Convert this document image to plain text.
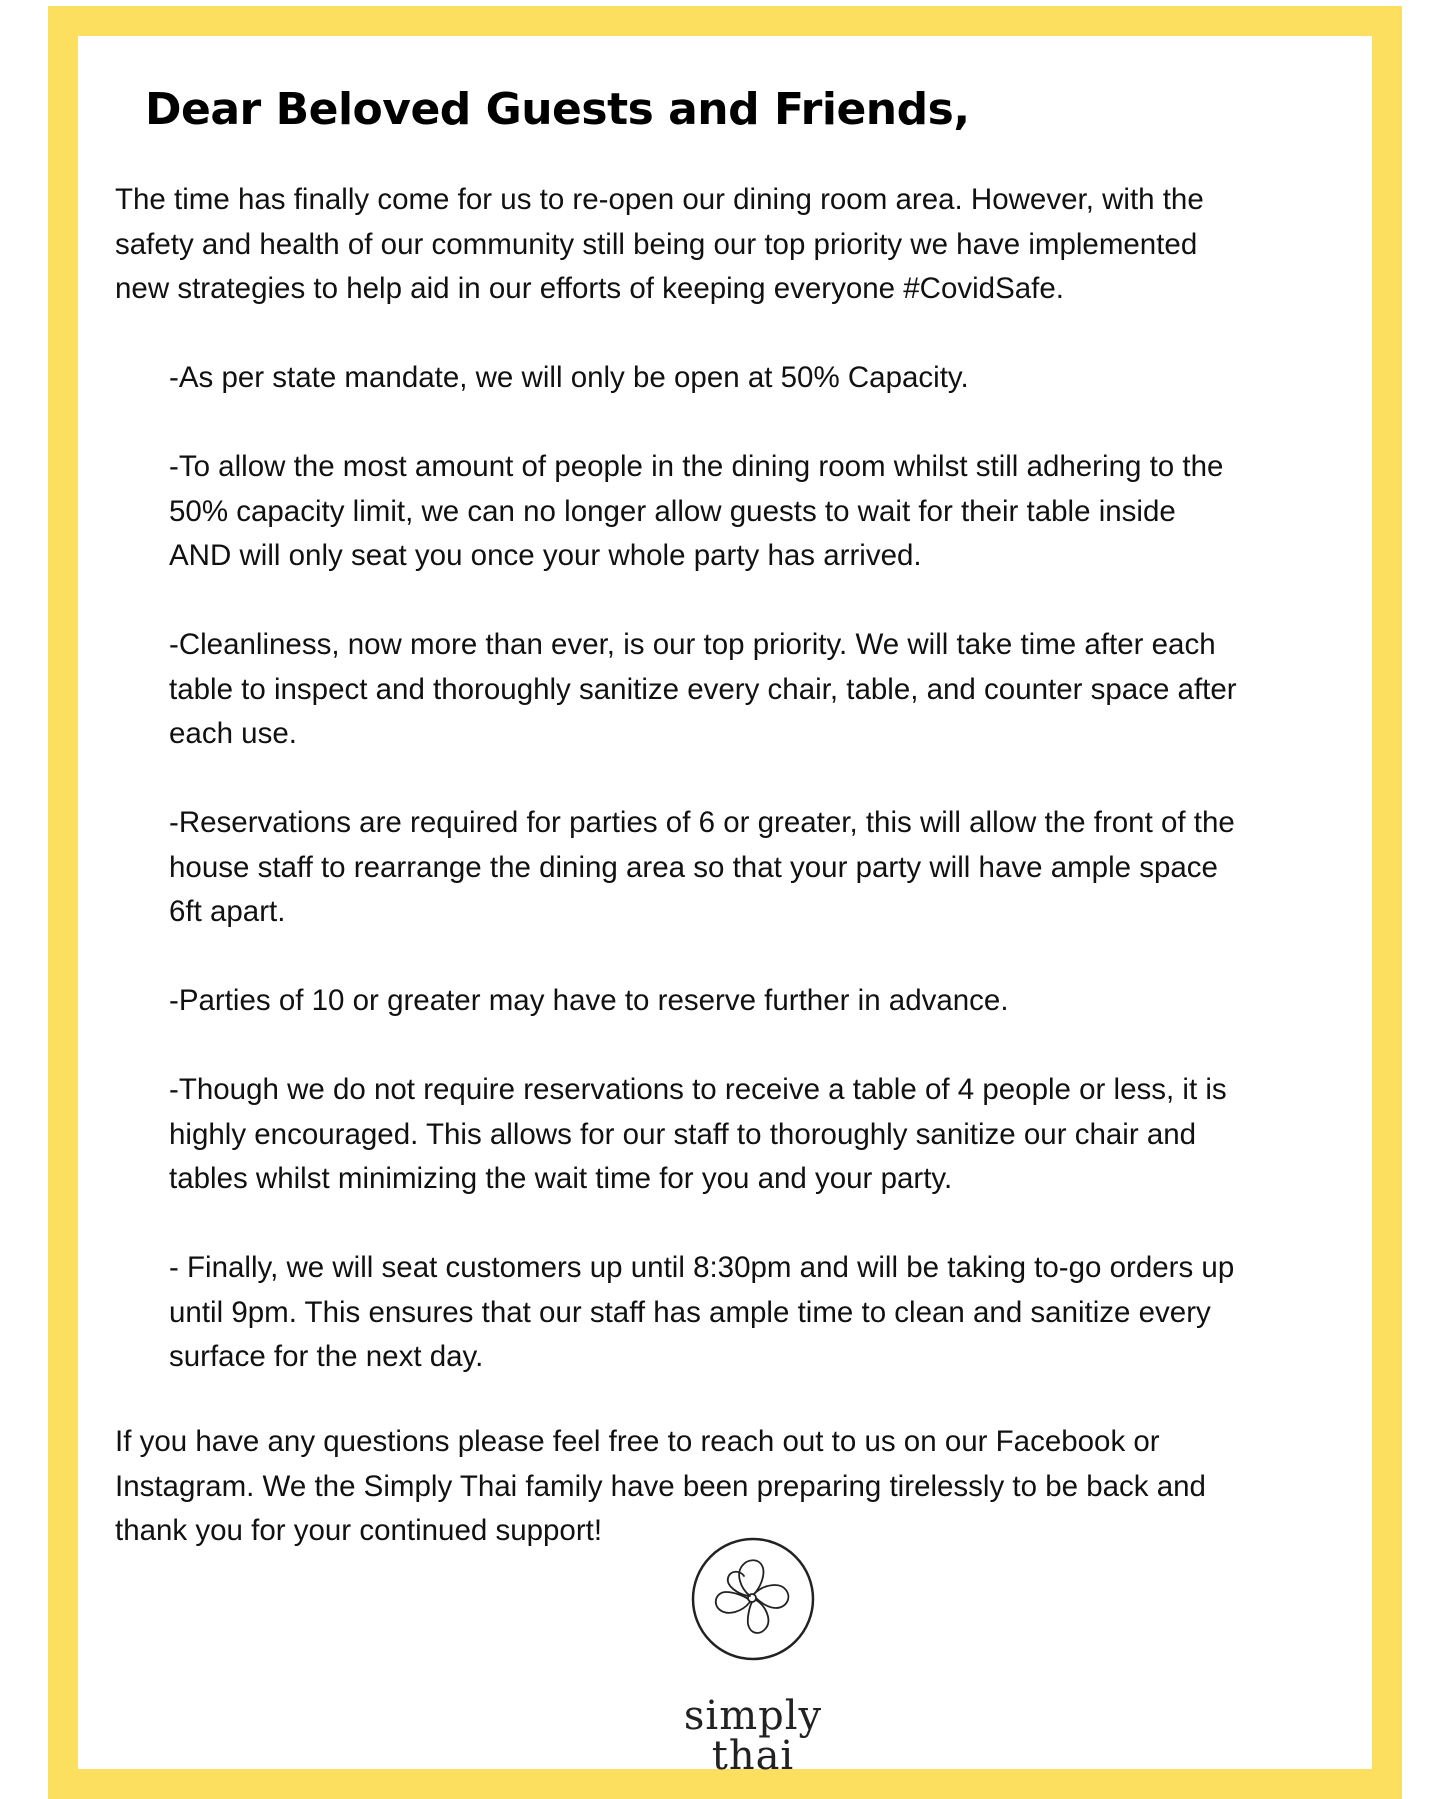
Dear Beloved Guests and Friends,

The time has finally come for us to re-open our dining room area. However, with the

safety and health of our community still being our top priority we have implemented

new strategies to help aid in our efforts of keeping everyone #CovidSafe.

-As per state mandate, we will only be open at 50% Capacity.

-To allow the most amount of people in the dining room whilst still adhering to the

50% capacity limit, we can no longer allow guests to wait for their table inside

AND will only seat you once your whole party has arrived.

-Cleanliness, now more than ever, is our top priority. We will take time after each

table to inspect and thoroughly sanitize every chair, table, and counter space after

each use.

-Reservations are required for parties of 6 or greater, this will allow the front of the

house staff to rearrange the dining area so that your party will have ample space

6ft apart.

-Parties of 10 or greater may have to reserve further in advance.

-Though we do not require reservations to receive a table of 4 people or less, it is

highly encouraged. This allows for our staff to thoroughly sanitize our chair and

tables whilst minimizing the wait time for you and your party.

- Finally, we will seat customers up until 8:30pm and will be taking to-go orders up

until 9pm. This ensures that our staff has ample time to clean and sanitize every

surface for the next day.

If you have any questions please feel free to reach out to us on our Facebook or

Instagram. We the Simply Thai family have been preparing tirelessly to be back and

thank you for your continued support!

simply
thai
